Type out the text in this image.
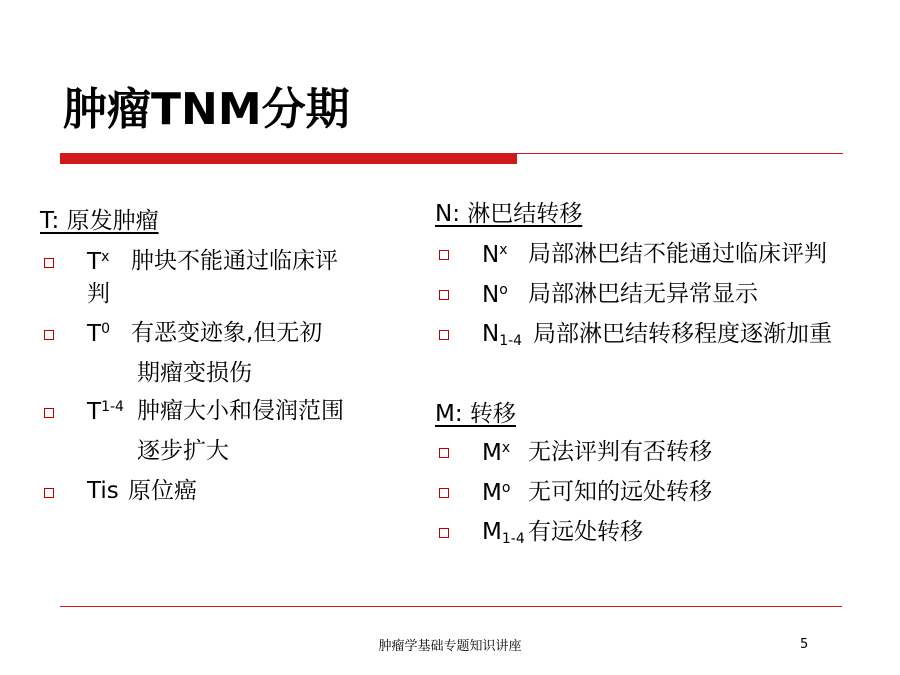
肿瘤TNM分期
T: 原发肿瘤
$T^x$ 肿块不能通过临床评
判
$T^0$ 有恶变迹象,但无初
期瘤变损伤
$T^{1-4}$ 肿瘤大小和侵润范围
逐步扩大
Tis 原位癌
N: 淋巴结转移
$N^x$ 局部淋巴结不能通过临床评判
$N^o$ 局部淋巴结无异常显示
$N_{1-4}$ 局部淋巴结转移程度逐渐加重
M: 转移
$M^x$ 无法评判有否转移
$M^o$ 无可知的远处转移
$M_{1-4}$ 有远处转移
肿瘤学基础专题知识讲座	5
